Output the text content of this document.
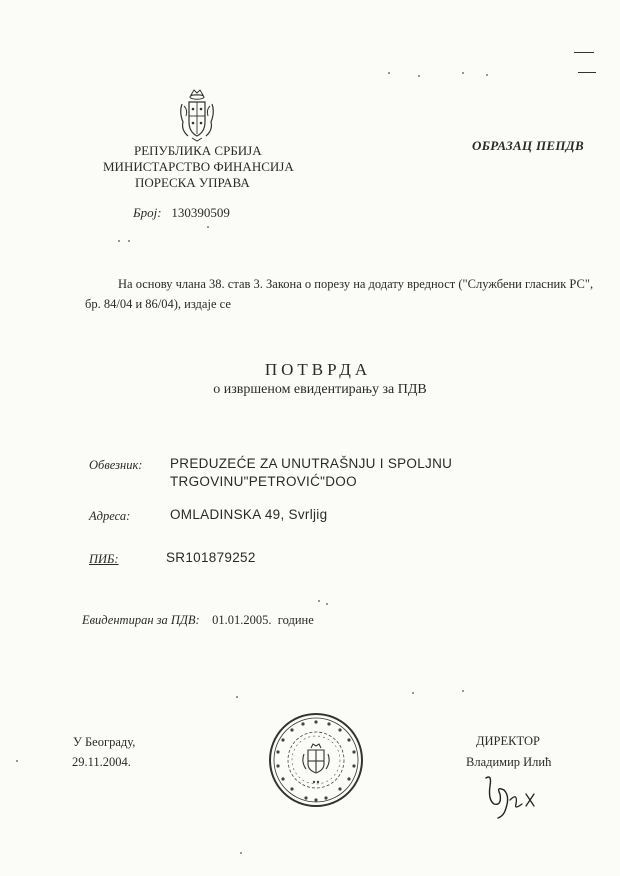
РЕПУБЛИКА СРБИЈА
МИНИСТАРСТВО ФИНАНСИЈА
ПОРЕСКА УПРАВА
Број: 130390509
ОБРАЗАЦ ПЕПДВ
На основу члана 38. став 3. Закона о порезу на додату вредност ("Службени гласник РС",
бр. 84/04 и 86/04), издаје се
ПОТВРДА
о извршеном евидентирању за ПДВ
Обвезник: PREDUZEĆE ZA UNUTRAŠNJU I SPOLJNU
TRGOVINU"PETROVIĆ"DOO
Адреса:	OMLADINSKA 49, Svrljig
ПИБ:	SR101879252
Евидентиран за ПДВ: 01.01.2005. године
У Београду,
29.11.2004.
ДИРЕКТОР
Владимир Илић
